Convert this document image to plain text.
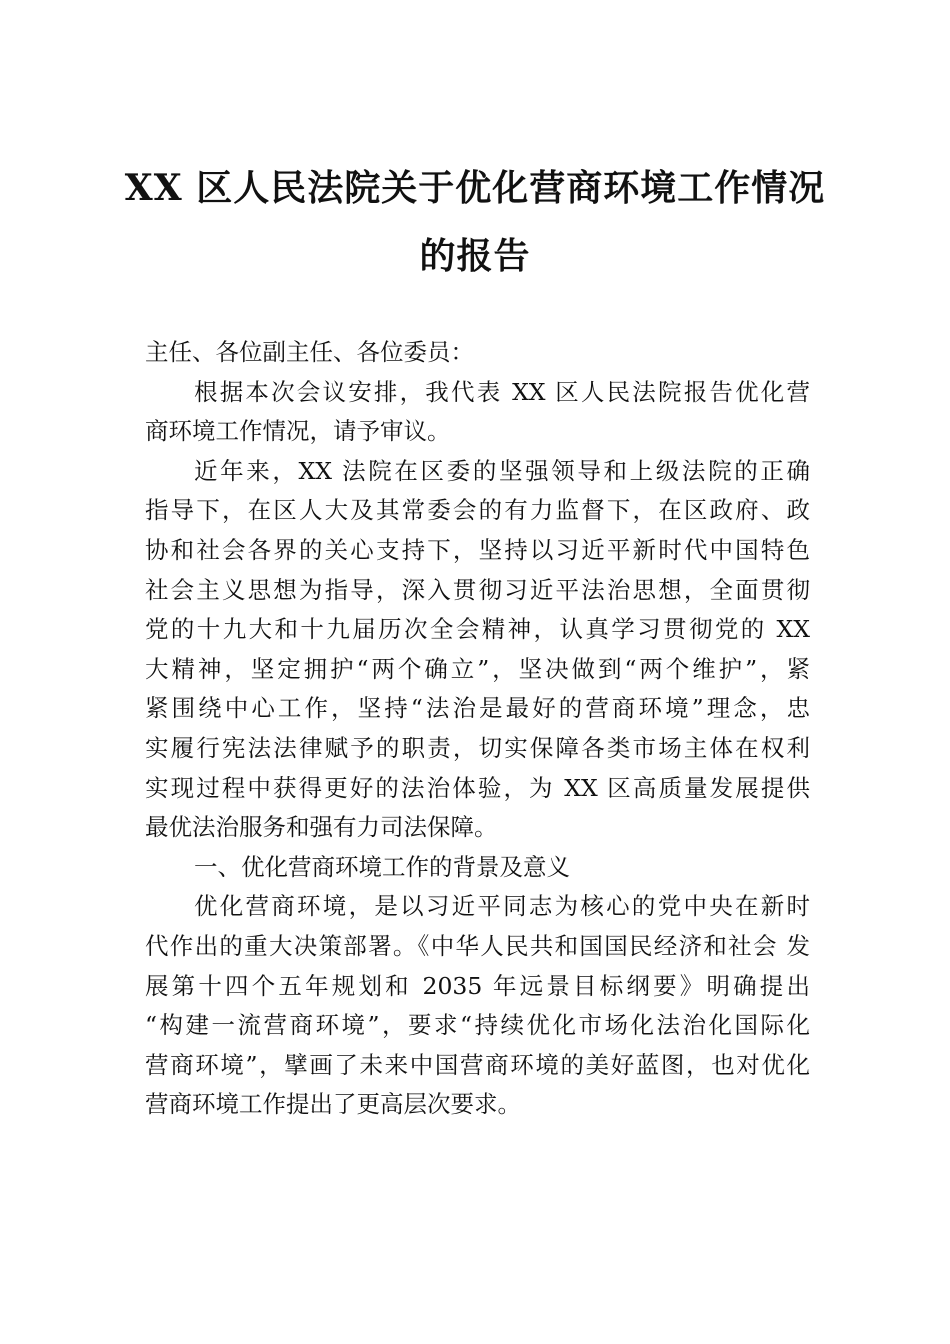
XX 区人民法院关于优化营商环境工作情况
的报告
主任、各位副主任、各位委员：
根据本次会议安排，我代表 XX 区人民法院报告优化营
商环境工作情况，请予审议。
近年来，XX 法院在区委的坚强领导和上级法院的正确
指导下，在区人大及其常委会的有力监督下，在区政府、政
协和社会各界的关心支持下，坚持以习近平新时代中国特色
社会主义思想为指导，深入贯彻习近平法治思想，全面贯彻
党的十九大和十九届历次全会精神，认真学习贯彻党的 XX
大精神，坚定拥护“两个确立”，坚决做到“两个维护”，紧
紧围绕中心工作，坚持“法治是最好的营商环境”理念，忠
实履行宪法法律赋予的职责，切实保障各类市场主体在权利
实现过程中获得更好的法治体验，为 XX 区高质量发展提供
最优法治服务和强有力司法保障。
一、优化营商环境工作的背景及意义
优化营商环境，是以习近平同志为核心的党中央在新时
代作出的重大决策部署。《中华人民共和国国民经济和社会 发
展第十四个五年规划和 2035 年远景目标纲要》明确提出
“构建一流营商环境”，要求“持续优化市场化法治化国际化
营商环境”，擘画了未来中国营商环境的美好蓝图，也对优化
营商环境工作提出了更高层次要求。
